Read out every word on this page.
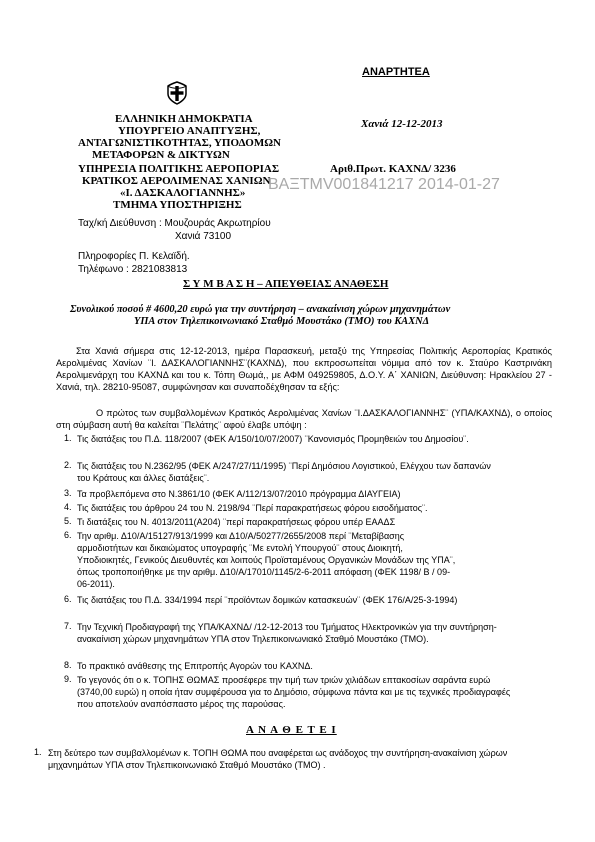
ΑΝΑΡΤΗΤΕΑ
ΕΛΛΗΝΙΚΗ ΔΗΜΟΚΡΑΤΙΑ
ΥΠΟΥΡΓΕΙΟ ΑΝΑΠΤΥΞΗΣ,
ΑΝΤΑΓΩΝΙΣΤΙΚΟΤΗΤΑΣ, ΥΠΟΔΟΜΩΝ
ΜΕΤΑΦΟΡΩΝ & ΔΙΚΤΥΩΝ
ΥΠΗΡΕΣΙΑ ΠΟΛΙΤΙΚΗΣ ΑΕΡΟΠΟΡΙΑΣ
ΚΡΑΤΙΚΟΣ ΑΕΡΟΛΙΜΕΝΑΣ ΧΑΝΙΩΝ
«Ι. ΔΑΣΚΑΛΟΓΙΑΝΝΗΣ»
ΤΜΗΜΑ ΥΠΟΣΤΗΡΙΞΗΣ
Χανιά 12-12-2013
Αριθ.Πρωτ. ΚΑΧΝΔ/ 3236
ΒΑΞΤΜV001841217 2014-01-27
Ταχ/κή Διεύθυνση : Μουζουράς Ακρωτηρίου
Χανιά 73100
Πληροφορίες Π. Κελαϊδή.
Τηλέφωνο : 2821083813
Σ Υ Μ Β Α Σ Η – ΑΠΕΥΘΕΙΑΣ ΑΝΑΘΕΣΗ
Συνολικού ποσού # 4600,20 ευρώ για την συντήρηση – ανακαίνιση χώρων μηχανημάτων
ΥΠΑ στον Τηλεπικοινωνιακό Σταθμό Μουστάκο (ΤΜΟ) του ΚΑΧΝΔ
Στα Χανιά σήμερα στις 12-12-2013, ημέρα Παρασκευή, μεταξύ της Υπηρεσίας Πολιτικής Αεροπορίας Κρατικός Αερολιμένας Χανίων ¨Ι. ΔΑΣΚΑΛΟΓΙΑΝΝΗΣ¨(ΚΑΧΝΔ), που εκπροσωπείται νόμιμα από τον κ. Σταύρο Καστρινάκη Αερολιμενάρχη του ΚΑΧΝΔ και του κ. Τόπη Θωμά,, με ΑΦΜ 049259805, Δ.Ο.Υ. Α΄ ΧΑΝΙΩΝ, Διεύθυνση: Ηρακλείου 27 - Χανιά, τηλ. 28210-95087, συμφώνησαν και συναποδέχθησαν τα εξής:
Ο πρώτος των συμβαλλομένων Κρατικός Αερολιμένας Χανίων ¨Ι.ΔΑΣΚΑΛΟΓΙΑΝΝΗΣ¨ (ΥΠΑ/ΚΑΧΝΔ), ο οποίος στη σύμβαση αυτή θα καλείται ¨Πελάτης¨ αφού έλαβε υπόψη :
1. Τις διατάξεις του Π.Δ. 118/2007 (ΦΕΚ Α/150/10/07/2007) ¨Κανονισμός Προμηθειών του Δημοσίου¨.
2. Τις διατάξεις του Ν.2362/95 (ΦΕΚ Α/247/27/11/1995) ¨Περί Δημόσιου Λογιστικού, Ελέγχου των δαπανών του Κράτους και άλλες διατάξεις¨.
3. Τα προβλεπόμενα στο Ν.3861/10 (ΦΕΚ Α/112/13/07/2010 πρόγραμμα ΔΙΑΥΓΕΙΑ)
4. Τις διατάξεις του άρθρου 24 του Ν. 2198/94 ¨Περί παρακρατήσεως φόρου εισοδήματος¨.
5. Τι διατάξεις του Ν. 4013/2011(Α204) ¨περί παρακρατήσεως φόρου υπέρ ΕΑΑΔΣ
6. Την αριθμ. Δ10/Α/15127/913/1999 και Δ10/Α/50277/2655/2008 περί ¨Μεταβίβασης αρμοδιοτήτων και δικαιώματος υπογραφής ¨Με εντολή Υπουργού¨ στους Διοικητή, Υποδιοικητές, Γενικούς Διευθυντές και λοιπούς Προϊσταμένους Οργανικών Μονάδων της ΥΠΑ¨, όπως τροποποιήθηκε με την αριθμ. Δ10/Α/17010/1145/2-6-2011 απόφαση (ΦΕΚ 1198/ Β / 09-06-2011).
6. Τις διατάξεις του Π.Δ. 334/1994 περί ¨προϊόντων δομικών κατασκευών¨ (ΦΕΚ 176/Α/25-3-1994)
7. Την Τεχνική Προδιαγραφή της ΥΠΑ/ΚΑΧΝΔ/ /12-12-2013 του Τμήματος Ηλεκτρονικών για την συντήρηση-ανακαίνιση χώρων μηχανημάτων ΥΠΑ στον Τηλεπικοινωνιακό Σταθμό Μουστάκο (ΤΜΟ).
8. Το πρακτικό ανάθεσης της Επιτροπής Αγορών του ΚΑΧΝΔ.
9. Το γεγονός ότι ο κ. ΤΟΠΗΣ ΘΩΜΑΣ προσέφερε την τιμή των τριών χιλιάδων επτακοσίων σαράντα ευρώ (3740,00 ευρώ) η οποία ήταν συμφέρουσα για το Δημόσιο, σύμφωνα πάντα και με τις τεχνικές προδιαγραφές που αποτελούν αναπόσπαστο μέρος της παρούσας.
Α Ν Α Θ Ε Τ Ε Ι
1. Στη δεύτερο των συμβαλλομένων κ. ΤΟΠΗ ΘΩΜΑ που αναφέρεται ως ανάδοχος την συντήρηση-ανακαίνιση χώρων μηχανημάτων ΥΠΑ στον Τηλεπικοινωνιακό Σταθμό Μουστάκο (ΤΜΟ) .
